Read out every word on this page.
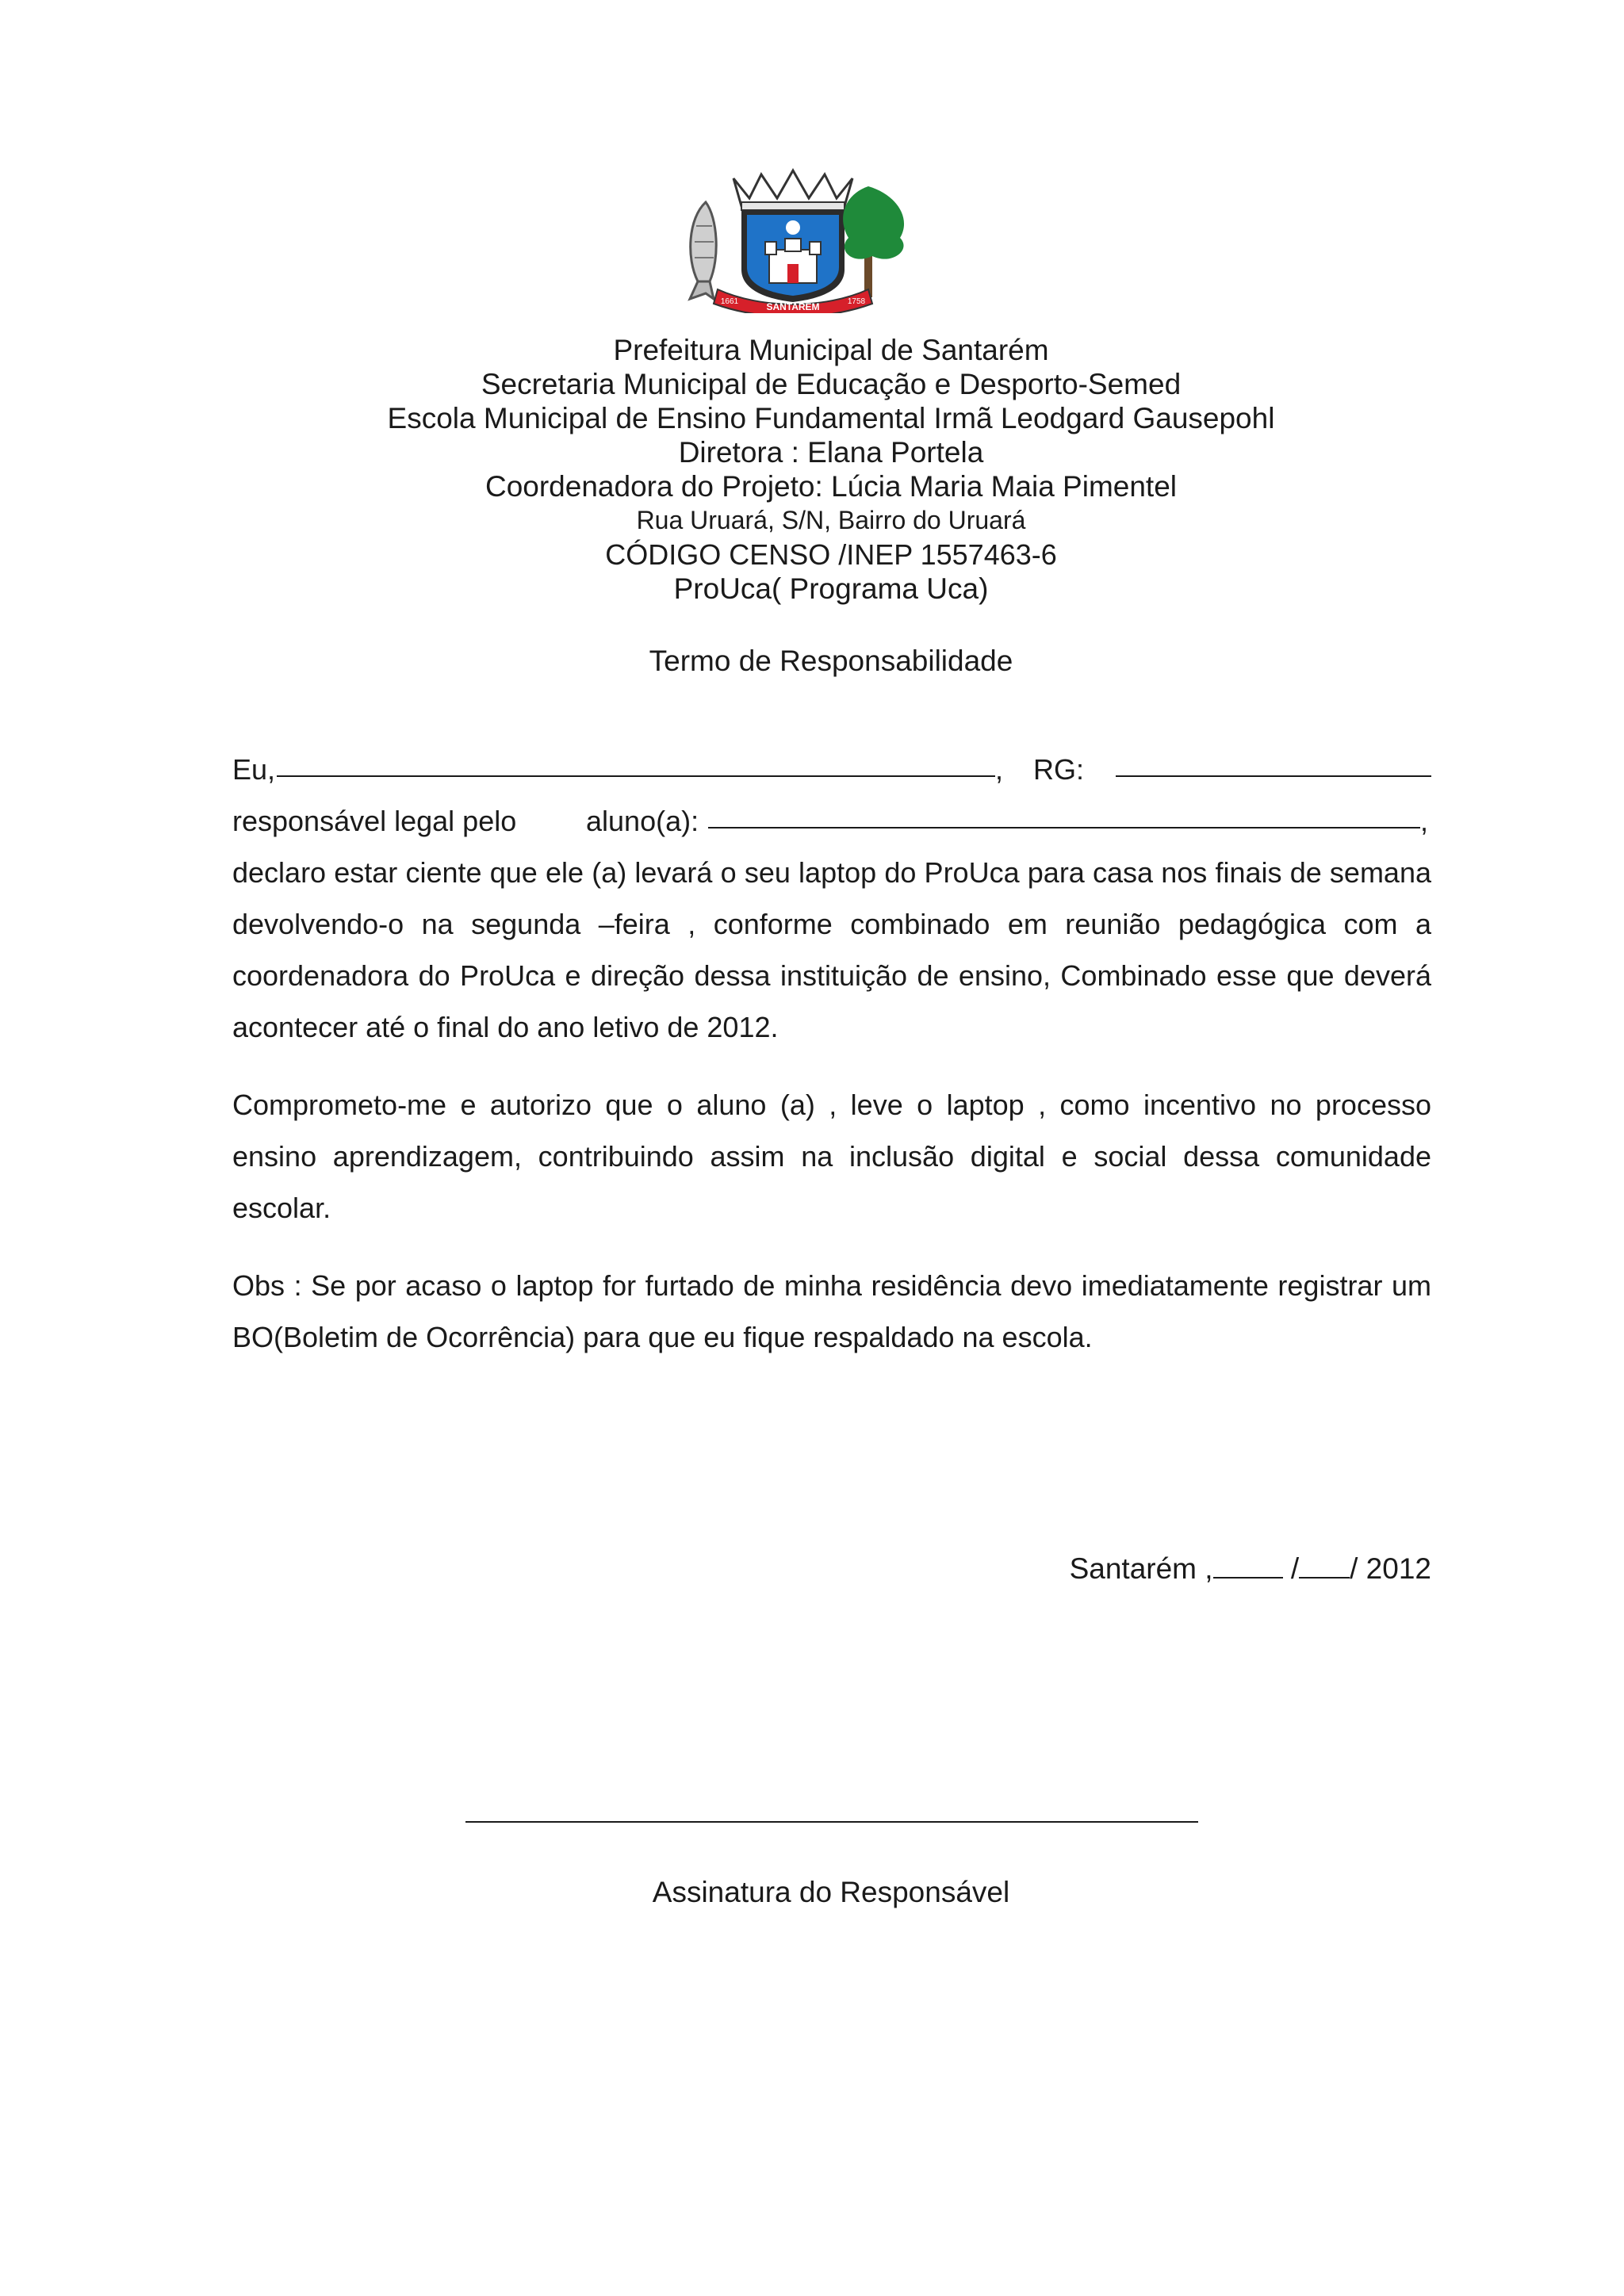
SANTARÉM
1661	1758
Prefeitura Municipal de Santarém
Secretaria Municipal de Educação e Desporto-Semed
Escola Municipal de Ensino Fundamental Irmã Leodgard Gausepohl
Diretora : Elana Portela
Coordenadora do Projeto: Lúcia Maria Maia Pimentel
Rua Uruará, S/N, Bairro do Uruará
CÓDIGO CENSO /INEP 1557463-6
ProUca( Programa Uca)
Termo de Responsabilidade
Eu,	, RG:
responsável legal pelo aluno(a):	,

declaro estar ciente que ele (a) levará o seu laptop do ProUca para casa nos finais de semana devolvendo-o na segunda –feira , conforme combinado em reunião pedagógica com a coordenadora do ProUca e direção dessa instituição de ensino, Combinado esse que deverá acontecer até o final do ano letivo de 2012.

Comprometo-me e autorizo que o aluno (a) , leve o laptop , como incentivo no processo ensino aprendizagem, contribuindo assim na inclusão digital e social dessa comunidade escolar.

Obs : Se por acaso o laptop for furtado de minha residência devo imediatamente registrar um BO(Boletim de Ocorrência) para que eu fique respaldado na escola.

Santarém , / / 2012
Assinatura do Responsável
